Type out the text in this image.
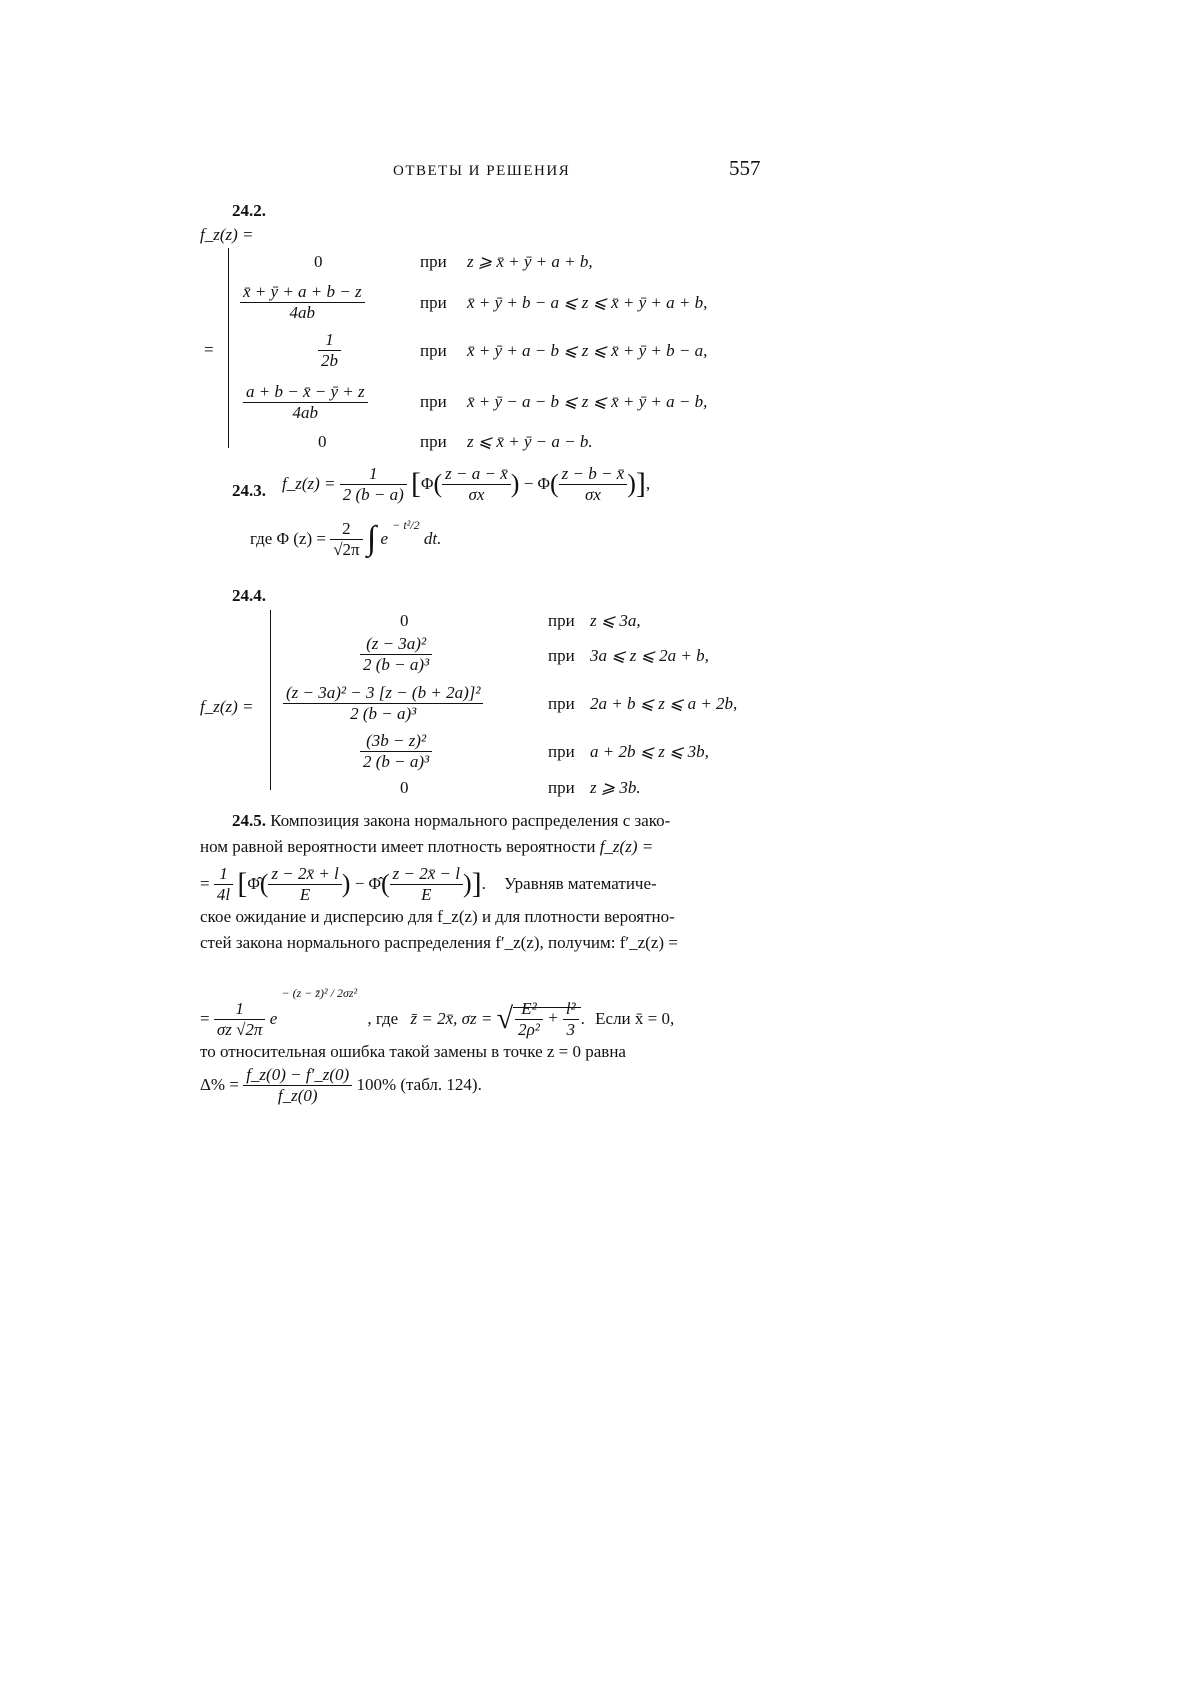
ОТВЕТЫ И РЕШЕНИЯ	557
24.2.
f_z(z) =
=
0	при z ⩾ x̄ + ȳ + a + b,
$\frac{x̄ + ȳ + a + b - z}{4ab}$	при x̄ + ȳ + b − a ⩽ z ⩽ x̄ + ȳ + a + b,
$\frac{1}{2b}$	при x̄ + ȳ + a − b ⩽ z ⩽ x̄ + ȳ + b − a,
$\frac{a + b - x̄ - ȳ + z}{4ab}$	при x̄ + ȳ − a − b ⩽ z ⩽ x̄ + ȳ + a − b,
0	при z ⩽ x̄ + ȳ − a − b.
24.3. f_z(z) = $\frac{1}{2 (b - a)} [\Phi( \frac{z - a - x̄}{\sigma x}$ ) − $\Phi( \frac{z - b - x̄}{\sigma x}$ )],
где Φ $(z) = \frac{2}{√2\pi}$ ∫ e $^{- t^2/2}$ dt.
24.4.
f_z(z) =
0	при z ⩽ 3a,
$\frac{\text{(z − 3a)²}}{\text{2 (b − a)³}}$	при 3a ⩽ z ⩽ 2a + b,
$\frac{\text{(z − 3a)² − 3 [z − (b + 2a)]²}}{\text{2 (b − a)³}}$	при 2a + b ⩽ z ⩽ a + 2b,
$\frac{\text{(3b − z)²}}{\text{2 (b − a)³}}$	при a + 2b ⩽ z ⩽ 3b,
0	при z ⩾ 3b.
24.5. Композиция закона нормального распределения с зако-
ном равной вероятности имеет плотность вероятности f_z(z) =
= $\frac{1}{4l}$ [Φ̂( $\frac{z - 2x̄ + l}{E}$ ) − Φ̂( $\frac{z - 2x̄ - l}{E}$ )]. Уравняв математиче-
ское ожидание и дисперсию для f_z(z) и для плотности вероятно-
стей закона нормального распределения f′_z(z), получим: f′_z(z) =
= $\frac{1}{\sigma z √2\pi}$ e $^{- (z - z̄)^2 / 2\sigma z^2}$ , где z̄ = 2x̄, σz = √ $\frac{\text{E²}}{\text{2ρ²}} + \frac{\text{l²}}{3}$ . Если x̄ = 0,
то относительная ошибка такой замены в точке z = 0 равна
$\Delta\% = \frac{f\_z(0) - f'\_z(0)}{f\_z(0)} 100\%$ (табл. 124).
